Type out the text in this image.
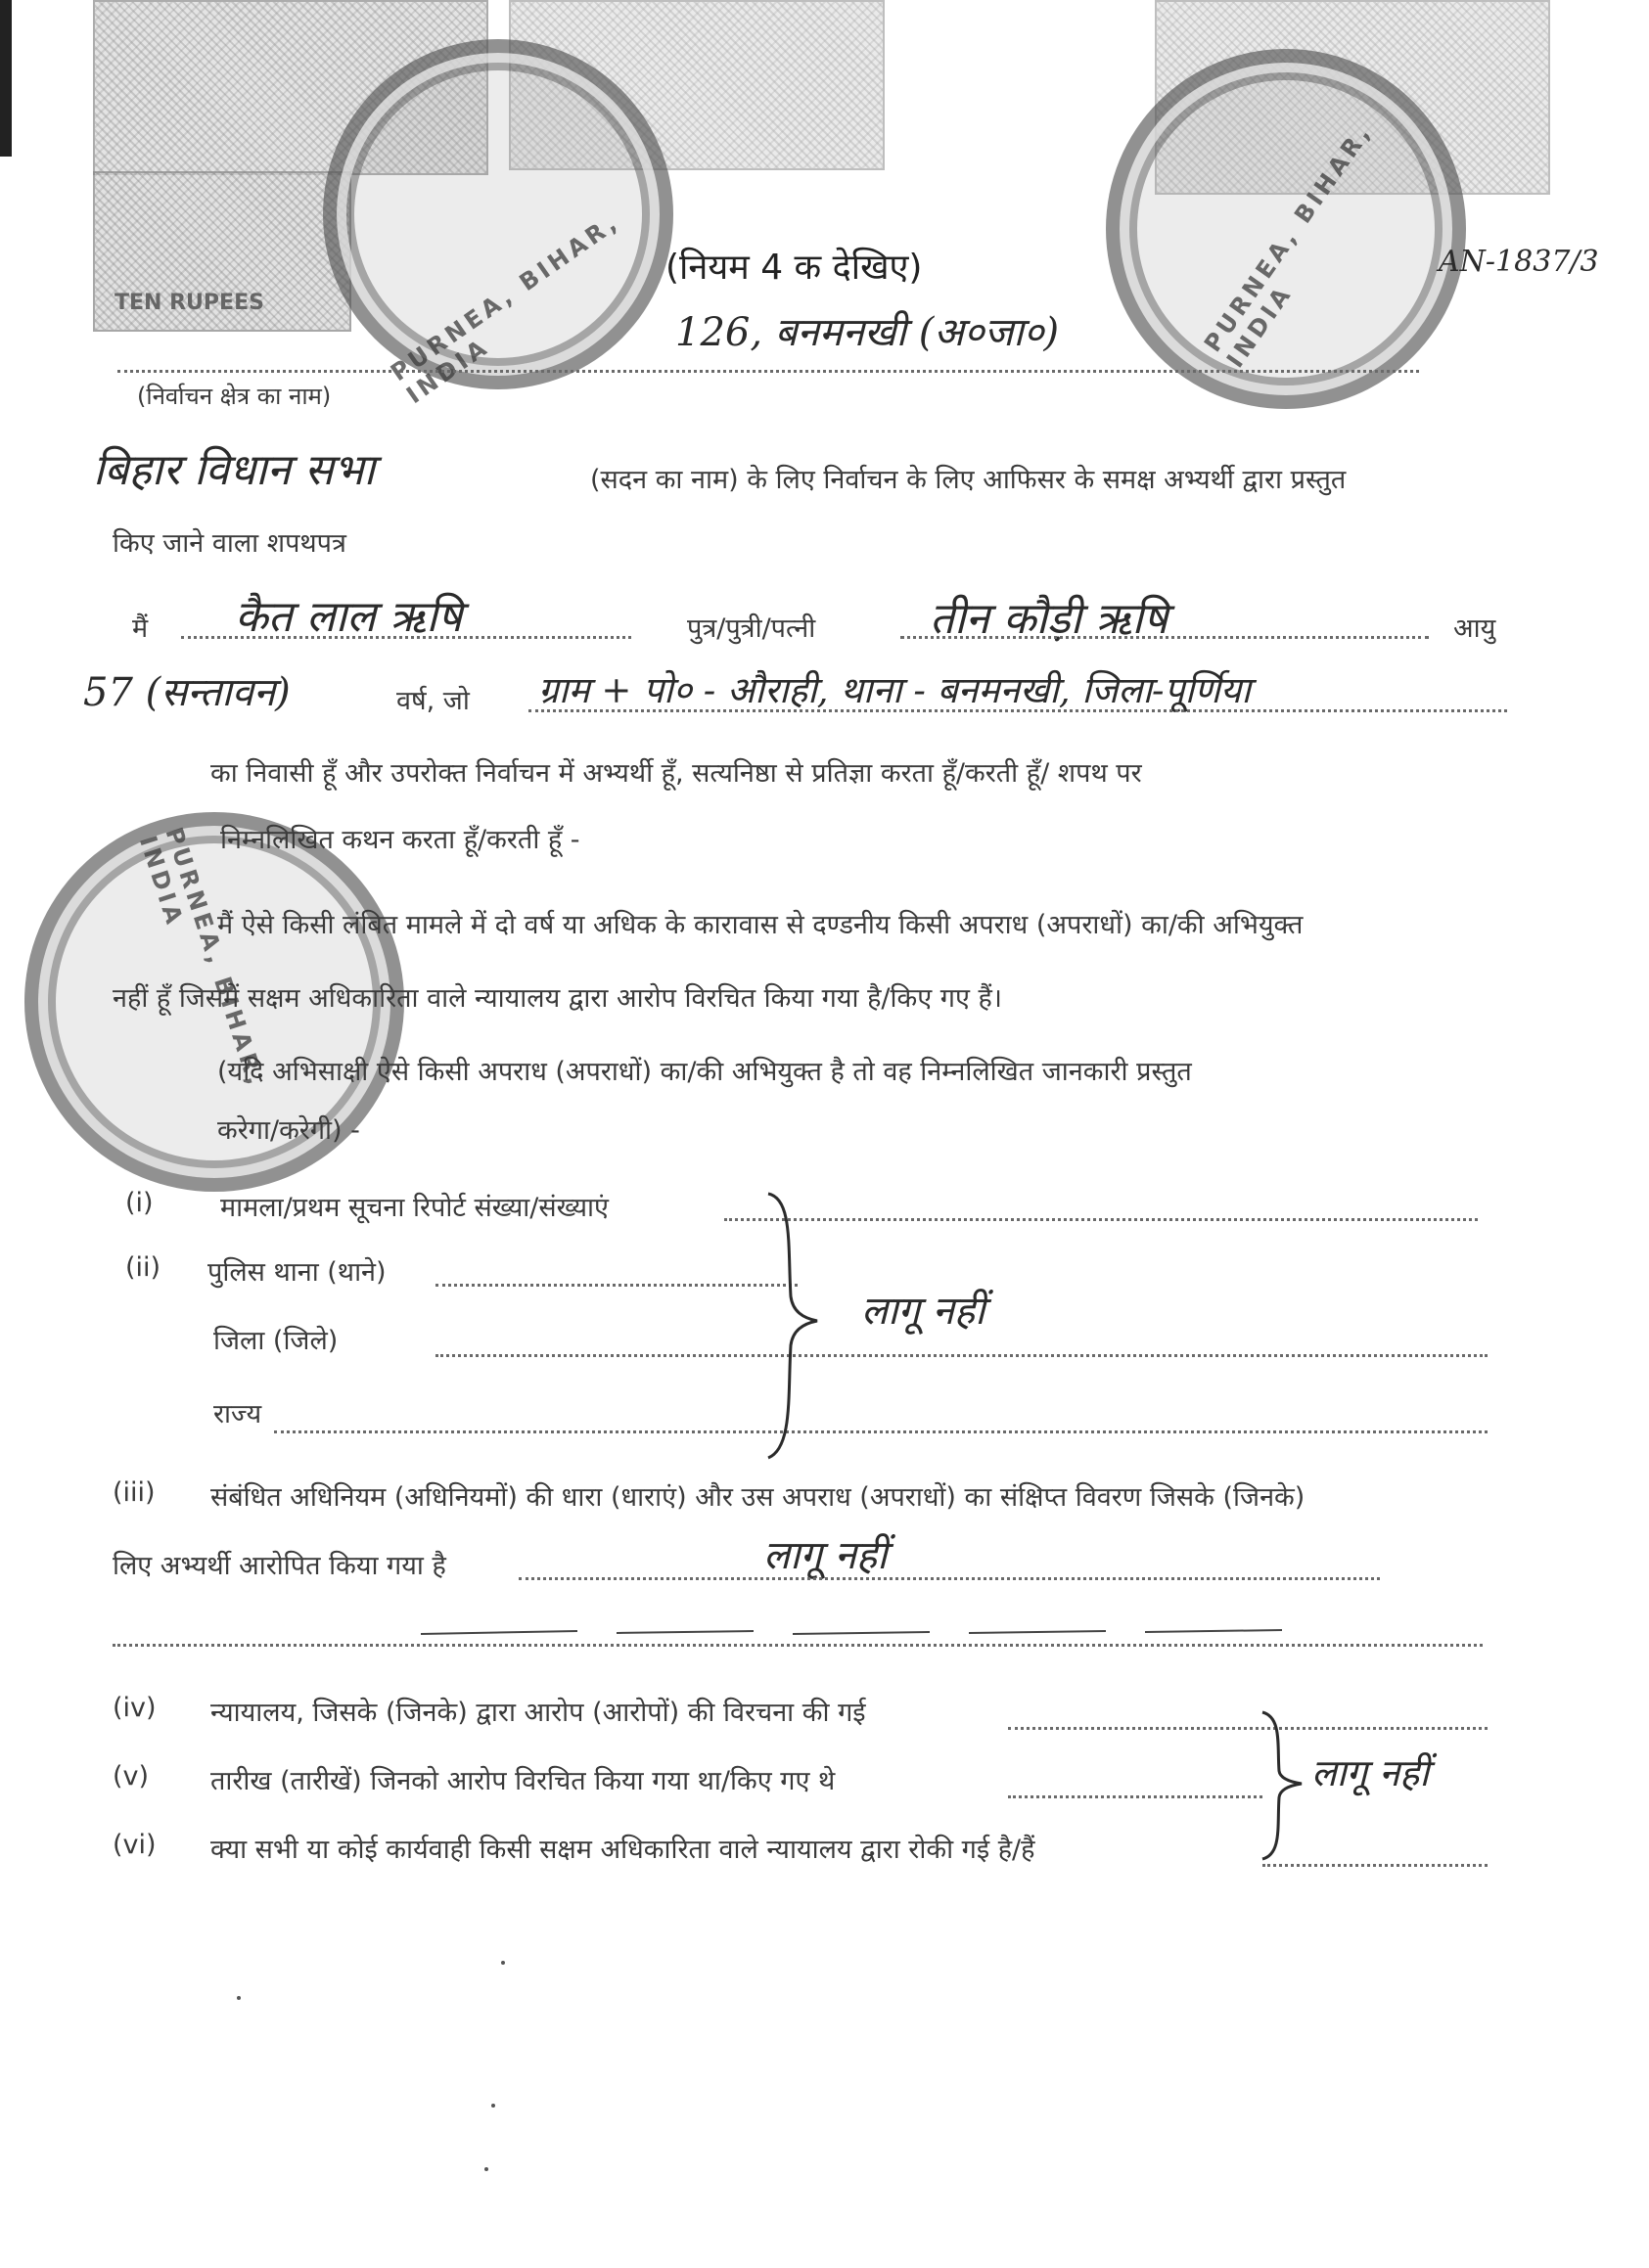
TEN RUPEES	PURNEA, BIHAR, INDIA
PURNEA, BIHAR, INDIA
PURNEA, BIHAR, INDIA
(नियम 4 क देखिए)	AN-1837/3
126, बनमनखी (अ०जा०)
(निर्वाचन क्षेत्र का नाम)
बिहार विधान सभा	(सदन का नाम) के लिए निर्वाचन के लिए आफिसर के समक्ष अभ्यर्थी द्वारा प्रस्तुत
किए जाने वाला शपथपत्र
मैं कैत लाल ऋषि	पुत्र/पुत्री/पत्नी	तीन कौड़ी ऋषि	आयु
57 (सन्तावन)	वर्ष, जो ग्राम + पो० - औराही, थाना - बनमनखी, जिला-पूर्णिया
का निवासी हूँ और उपरोक्त निर्वाचन में अभ्यर्थी हूँ, सत्यनिष्ठा से प्रतिज्ञा करता हूँ/करती हूँ/ शपथ पर
निम्नलिखित कथन करता हूँ/करती हूँ -
मैं ऐसे किसी लंबित मामले में दो वर्ष या अधिक के कारावास से दण्डनीय किसी अपराध (अपराधों) का/की अभियुक्त
नहीं हूँ जिसमें सक्षम अधिकारिता वाले न्यायालय द्वारा आरोप विरचित किया गया है/किए गए हैं।
(यदि अभिसाक्षी ऐसे किसी अपराध (अपराधों) का/की अभियुक्त है तो वह निम्नलिखित जानकारी प्रस्तुत
करेगा/करेगी) -
(i)	मामला/प्रथम सूचना रिपोर्ट संख्या/संख्याएं
(ii) पुलिस थाना (थाने)
जिला (जिले)
राज्य
लागू नहीं
(iii) संबंधित अधिनियम (अधिनियमों) की धारा (धाराएं) और उस अपराध (अपराधों) का संक्षिप्त विवरण जिसके (जिनके)
लिए अभ्यर्थी आरोपित किया गया है	लागू नहीं
(iv) न्यायालय, जिसके (जिनके) द्वारा आरोप (आरोपों) की विरचना की गई
(v) तारीख (तारीखें) जिनको आरोप विरचित किया गया था/किए गए थे	लागू नहीं
(vi) क्या सभी या कोई कार्यवाही किसी सक्षम अधिकारिता वाले न्यायालय द्वारा रोकी गई है/हैं
